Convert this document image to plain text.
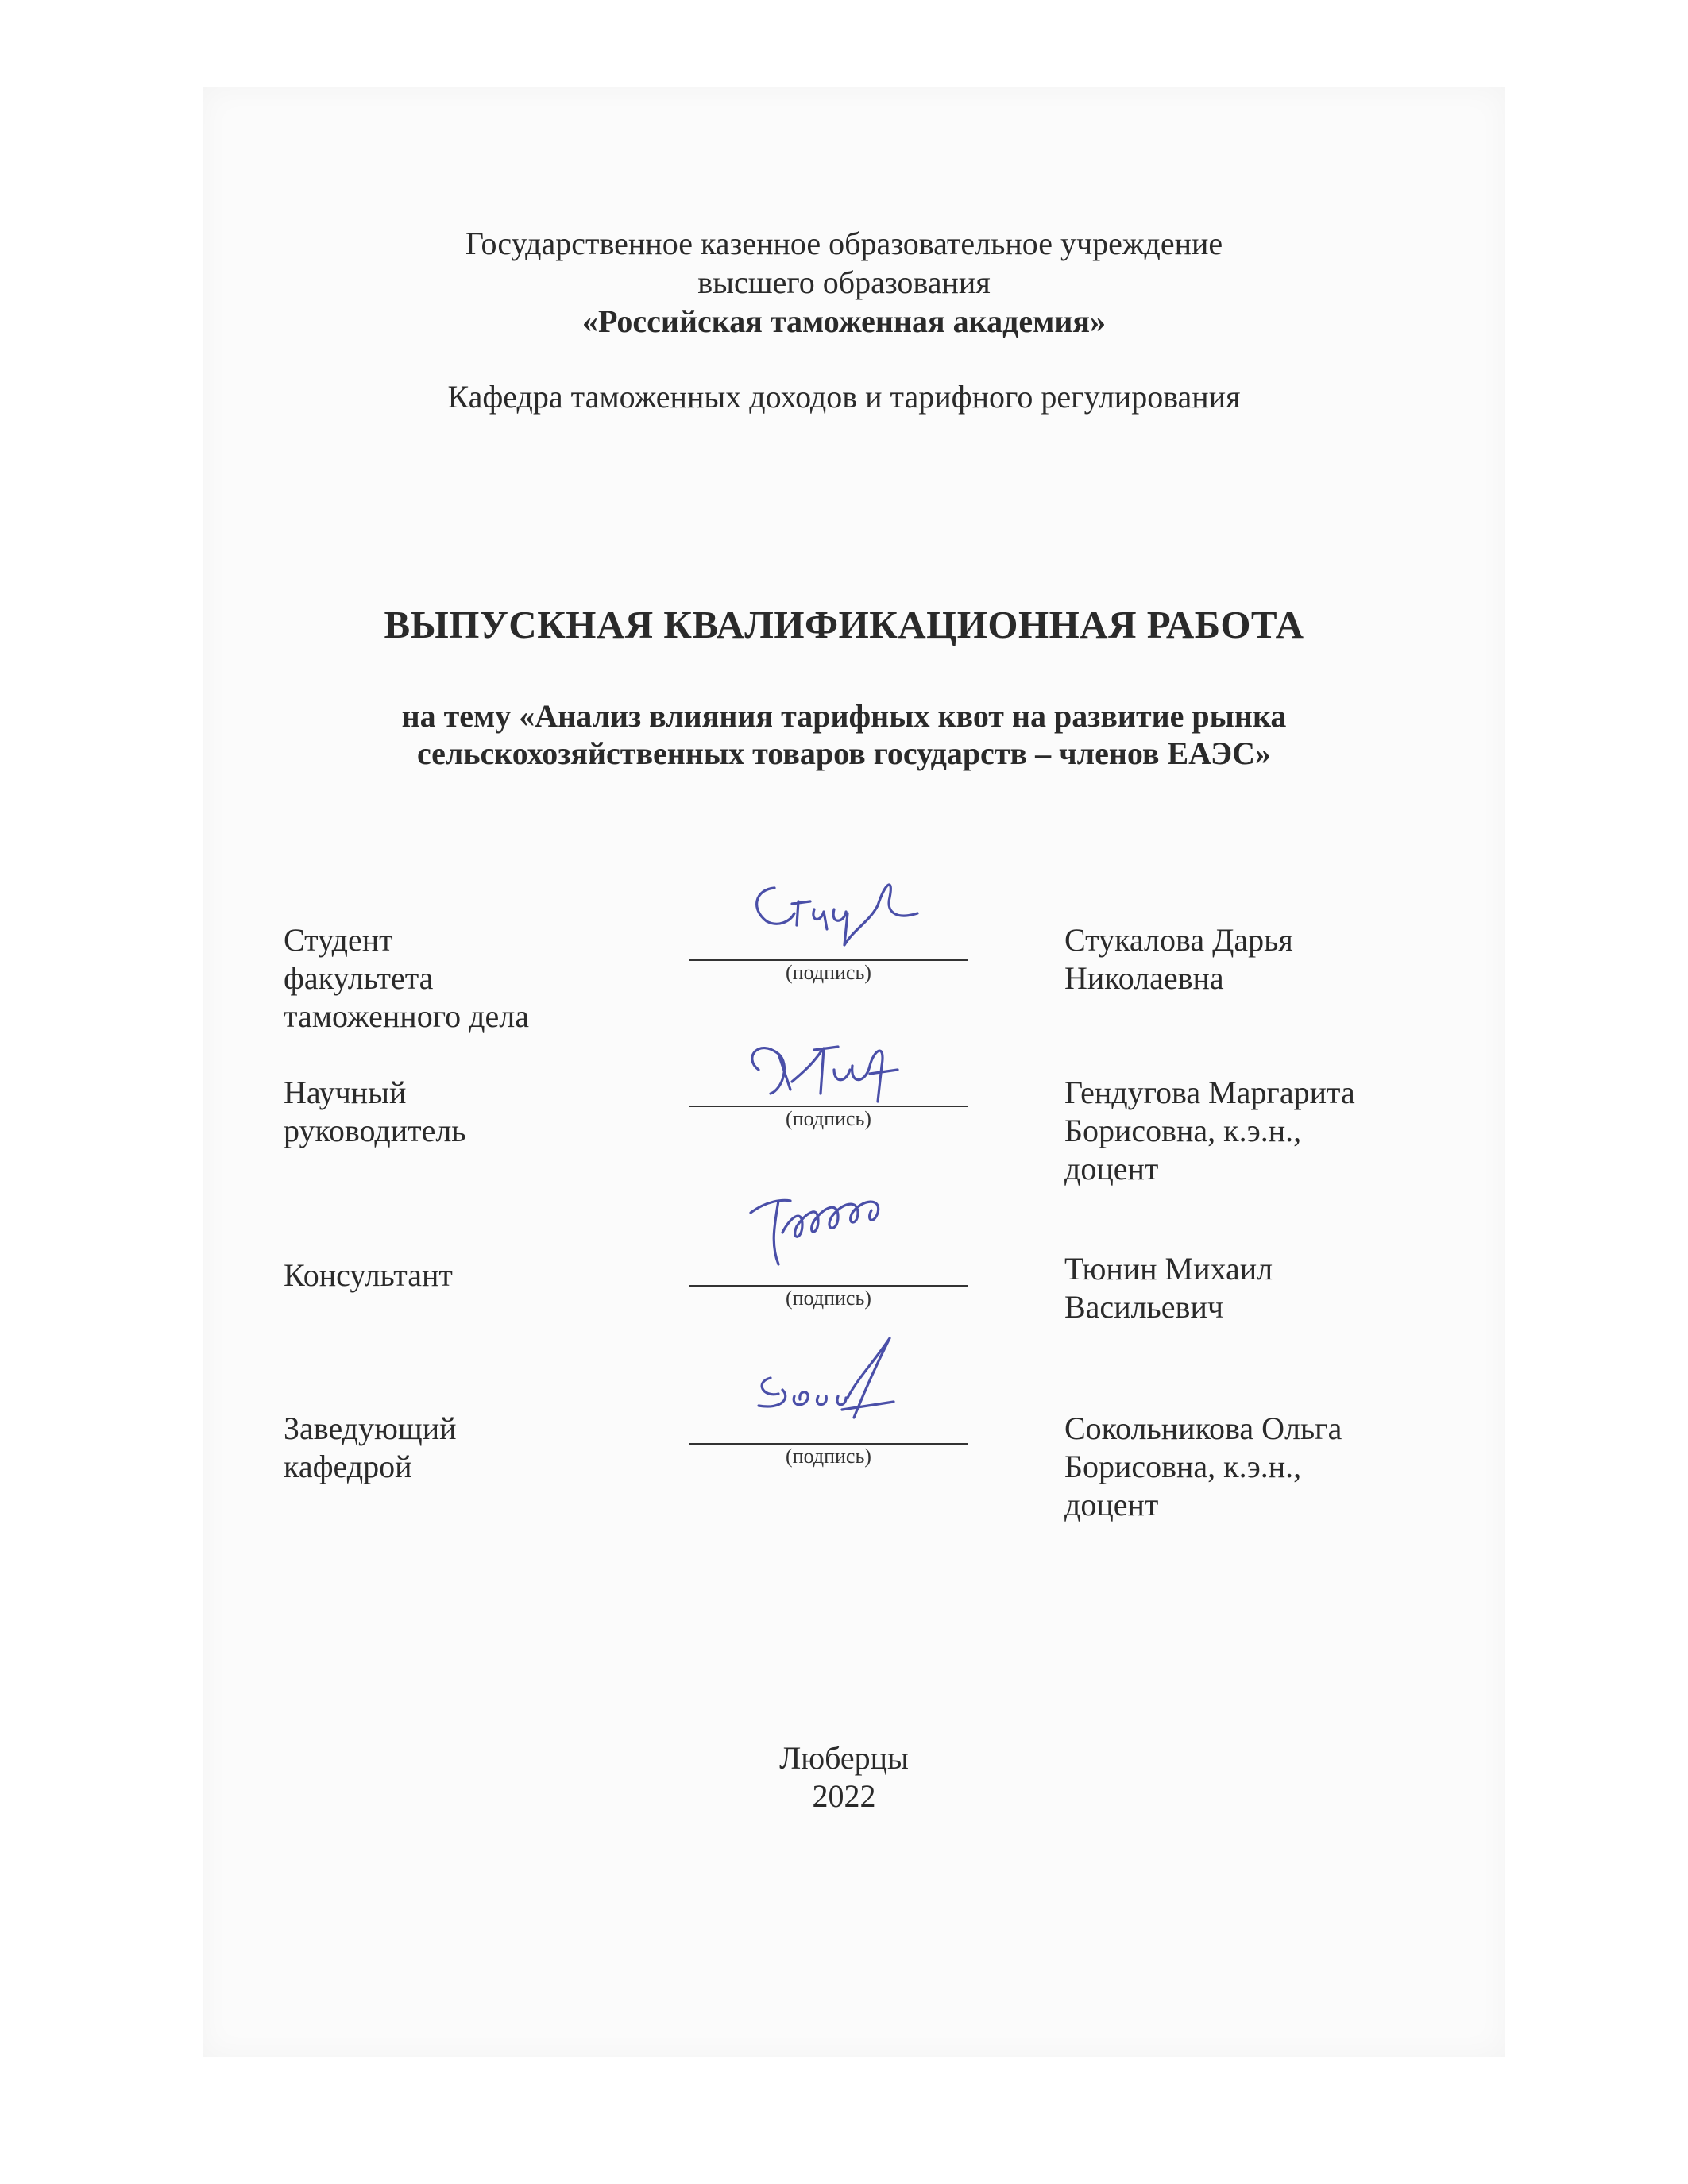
Государственное казенное образовательное учреждение
высшего образования
«Российская таможенная академия»
Кафедра таможенных доходов и тарифного регулирования
ВЫПУСКНАЯ КВАЛИФИКАЦИОННАЯ РАБОТА
на тему «Анализ влияния тарифных квот на развитие рынка
сельскохозяйственных товаров государств – членов ЕАЭС»
Студент
факультета
таможенного дела
(подпись)
Стукалова Дарья
Николаевна
Научный
руководитель	(подпись)
Гендугова Маргарита
Борисовна, к.э.н.,
доцент
Консультант
(подпись)
Тюнин Михаил
Васильевич
Заведующий
кафедрой	(подпись)
Сокольникова Ольга
Борисовна, к.э.н.,
доцент
Люберцы
2022
